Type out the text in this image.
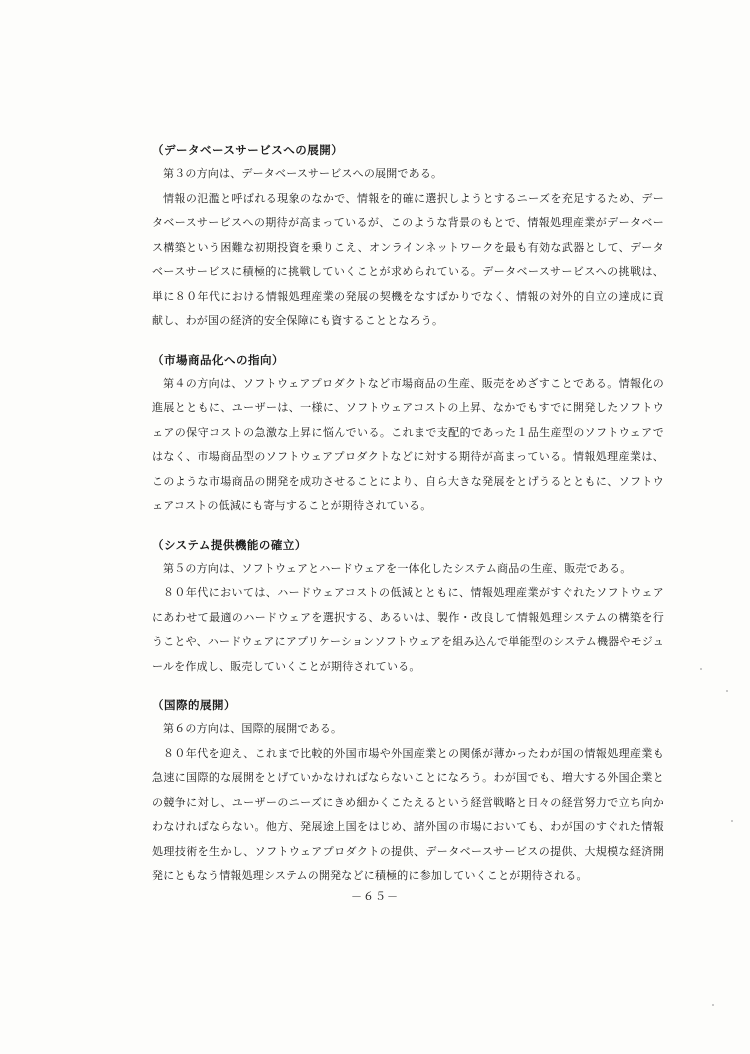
（データベースサービスへの展開）

第３の方向は、データベースサービスへの展開である。

情報の氾濫と呼ばれる現象のなかで、情報を的確に選択しようとするニーズを充足するため、データベースサービスへの期待が高まっているが、このような背景のもとで、情報処理産業がデータベース構築という困難な初期投資を乗りこえ、オンラインネットワークを最も有効な武器として、データベースサービスに積極的に挑戦していくことが求められている。データベースサービスへの挑戦は、単に８０年代における情報処理産業の発展の契機をなすばかりでなく、情報の対外的自立の達成に貢献し、わが国の経済的安全保障にも資することとなろう。

（市場商品化への指向）

第４の方向は、ソフトウェアプロダクトなど市場商品の生産、販売をめざすことである。情報化の進展とともに、ユーザーは、一様に、ソフトウェアコストの上昇、なかでもすでに開発したソフトウェアの保守コストの急激な上昇に悩んでいる。これまで支配的であった１品生産型のソフトウェアではなく、市場商品型のソフトウェアプロダクトなどに対する期待が高まっている。情報処理産業は、このような市場商品の開発を成功させることにより、自ら大きな発展をとげうるとともに、ソフトウェアコストの低減にも寄与することが期待されている。

（システム提供機能の確立）

第５の方向は、ソフトウェアとハードウェアを一体化したシステム商品の生産、販売である。

８０年代においては、ハードウェアコストの低減とともに、情報処理産業がすぐれたソフトウェアにあわせて最適のハードウェアを選択する、あるいは、製作・改良して情報処理システムの構築を行うことや、ハードウェアにアプリケーションソフトウェアを組み込んで単能型のシステム機器やモジュールを作成し、販売していくことが期待されている。

（国際的展開）

第６の方向は、国際的展開である。

８０年代を迎え、これまで比較的外国市場や外国産業との関係が薄かったわが国の情報処理産業も急速に国際的な展開をとげていかなければならないことになろう。わが国でも、増大する外国企業との競争に対し、ユーザーのニーズにきめ細かくこたえるという経営戦略と日々の経営努力で立ち向かわなければならない。他方、発展途上国をはじめ、諸外国の市場においても、わが国のすぐれた情報処理技術を生かし、ソフトウェアプロダクトの提供、データベースサービスの提供、大規模な経済開発にともなう情報処理システムの開発などに積極的に参加していくことが期待される。

－６５－
